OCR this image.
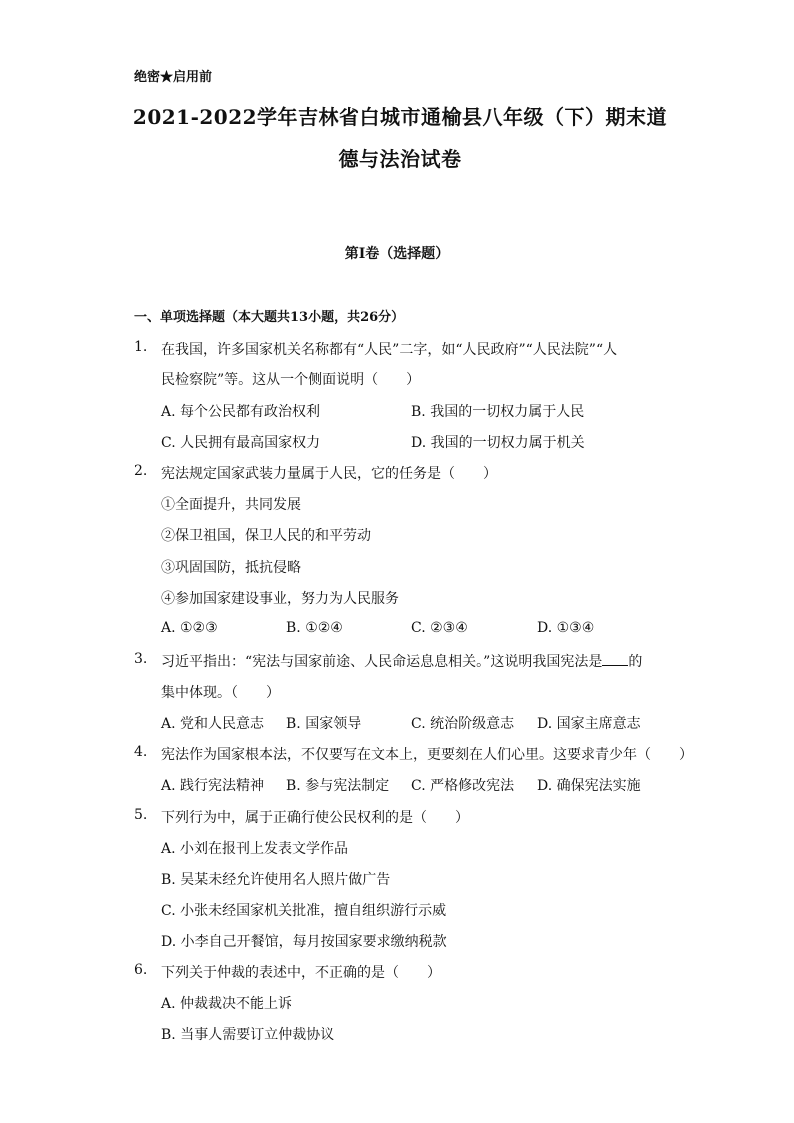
绝密★启用前
2021-2022学年吉林省白城市通榆县八年级（下）期末道
德与法治试卷
第I卷（选择题）
一、单项选择题（本大题共13小题，共26分）
1. 在我国，许多国家机关名称都有“人民”二字，如“人民政府”“人民法院”“人
民检察院”等。这从一个侧面说明（　　）
A. 每个公民都有政治权利	B. 我国的一切权力属于人民
C. 人民拥有最高国家权力	D. 我国的一切权力属于机关
2. 宪法规定国家武装力量属于人民，它的任务是（　　）
①全面提升，共同发展
②保卫祖国，保卫人民的和平劳动
③巩固国防，抵抗侵略
④参加国家建设事业，努力为人民服务
A. ①②③	B. ①②④	C. ②③④	D. ①③④
3. 习近平指出：“宪法与国家前途、人民命运息息相关。”这说明我国宪法是 的
集中体现。（　　）
A. 党和人民意志 B. 国家领导	C. 统治阶级意志 D. 国家主席意志
4. 宪法作为国家根本法，不仅要写在文本上，更要刻在人们心里。这要求青少年（　　）
A. 践行宪法精神 B. 参与宪法制定 C. 严格修改宪法 D. 确保宪法实施
5. 下列行为中，属于正确行使公民权利的是（　　）
A. 小刘在报刊上发表文学作品
B. 吴某未经允许使用名人照片做广告
C. 小张未经国家机关批准，擅自组织游行示威
D. 小李自己开餐馆，每月按国家要求缴纳税款
6. 下列关于仲裁的表述中，不正确的是（　　）
A. 仲裁裁决不能上诉
B. 当事人需要订立仲裁协议
